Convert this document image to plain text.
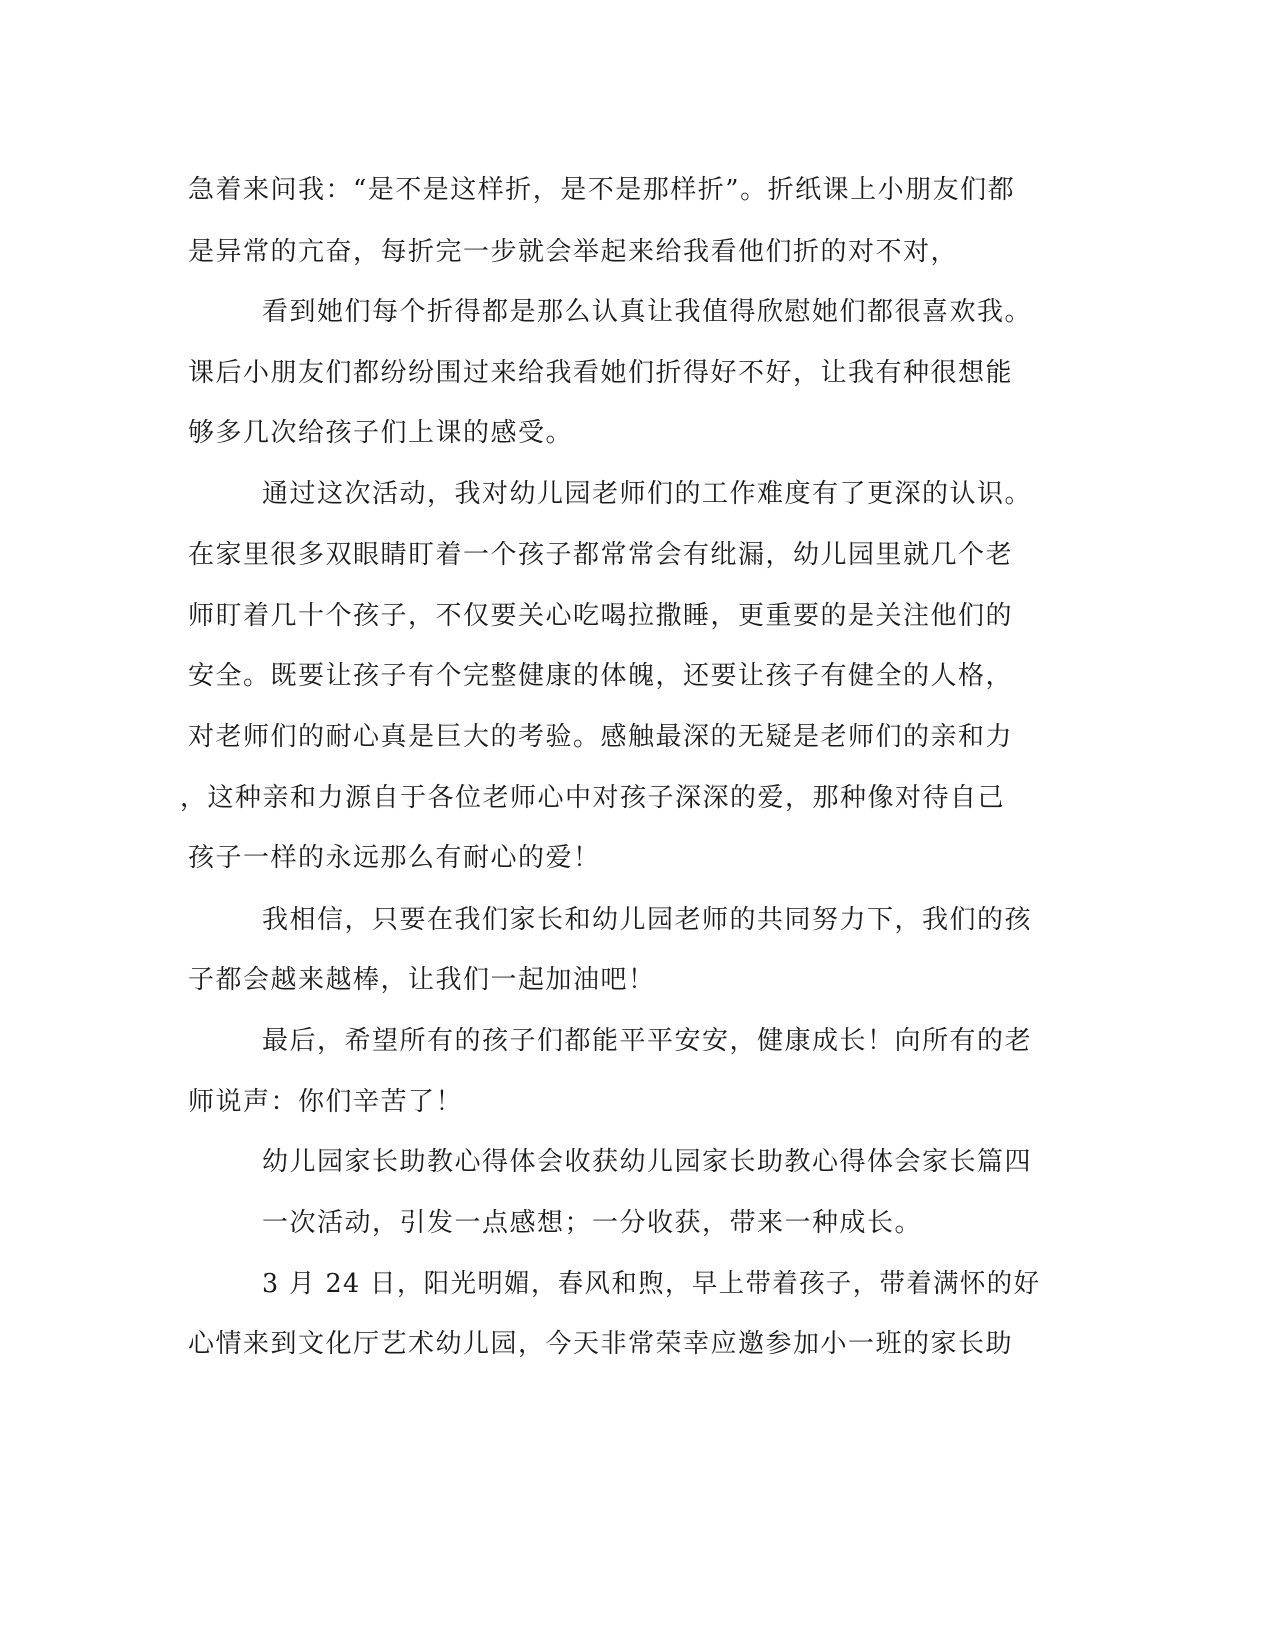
急着来问我：“是不是这样折，是不是那样折”。折纸课上小朋友们都
是异常的亢奋，每折完一步就会举起来给我看他们折的对不对，
看到她们每个折得都是那么认真让我值得欣慰她们都很喜欢我。
课后小朋友们都纷纷围过来给我看她们折得好不好，让我有种很想能
够多几次给孩子们上课的感受。
通过这次活动，我对幼儿园老师们的工作难度有了更深的认识。
在家里很多双眼睛盯着一个孩子都常常会有纰漏，幼儿园里就几个老
师盯着几十个孩子，不仅要关心吃喝拉撒睡，更重要的是关注他们的
安全。既要让孩子有个完整健康的体魄，还要让孩子有健全的人格，
对老师们的耐心真是巨大的考验。感触最深的无疑是老师们的亲和力
，这种亲和力源自于各位老师心中对孩子深深的爱，那种像对待自己
孩子一样的永远那么有耐心的爱！
我相信，只要在我们家长和幼儿园老师的共同努力下，我们的孩
子都会越来越棒，让我们一起加油吧！
最后，希望所有的孩子们都能平平安安，健康成长！向所有的老
师说声：你们辛苦了！
幼儿园家长助教心得体会收获幼儿园家长助教心得体会家长篇四
一次活动，引发一点感想；一分收获，带来一种成长。
3 月 24 日，阳光明媚，春风和煦，早上带着孩子，带着满怀的好
心情来到文化厅艺术幼儿园，今天非常荣幸应邀参加小一班的家长助
